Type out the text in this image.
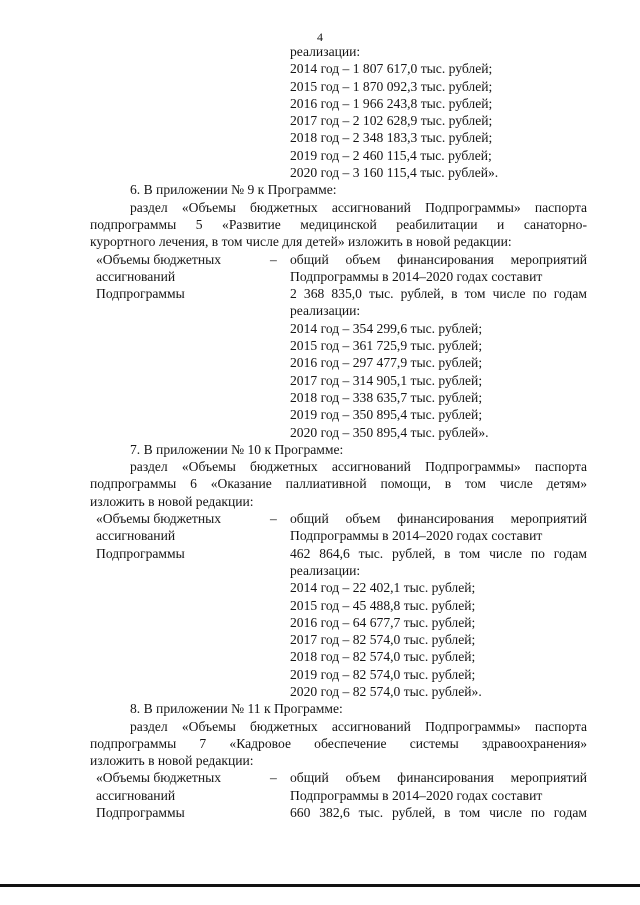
4
реализации:
2014 год – 1 807 617,0 тыс. рублей;
2015 год – 1 870 092,3 тыс. рублей;
2016 год – 1 966 243,8 тыс. рублей;
2017 год – 2 102 628,9 тыс. рублей;
2018 год – 2 348 183,3 тыс. рублей;
2019 год – 2 460 115,4 тыс. рублей;
2020 год – 3 160 115,4 тыс. рублей».
6. В приложении № 9 к Программе:
раздел «Объемы бюджетных ассигнований Подпрограммы» паспорта
подпрограммы 5 «Развитие медицинской реабилитации и санаторно-
курортного лечения, в том числе для детей» изложить в новой редакции:
«Объемы бюджетных	– общий объем финансирования мероприятий
ассигнований	Подпрограммы в 2014–2020 годах составит
Подпрограммы	2 368 835,0 тыс. рублей, в том числе по годам
реализации:
2014 год – 354 299,6 тыс. рублей;
2015 год – 361 725,9 тыс. рублей;
2016 год – 297 477,9 тыс. рублей;
2017 год – 314 905,1 тыс. рублей;
2018 год – 338 635,7 тыс. рублей;
2019 год – 350 895,4 тыс. рублей;
2020 год – 350 895,4 тыс. рублей».
7. В приложении № 10 к Программе:
раздел «Объемы бюджетных ассигнований Подпрограммы» паспорта
подпрограммы 6 «Оказание паллиативной помощи, в том числе детям»
изложить в новой редакции:
«Объемы бюджетных	– общий объем финансирования мероприятий
ассигнований	Подпрограммы в 2014–2020 годах составит
Подпрограммы	462 864,6 тыс. рублей, в том числе по годам
реализации:
2014 год – 22 402,1 тыс. рублей;
2015 год – 45 488,8 тыс. рублей;
2016 год – 64 677,7 тыс. рублей;
2017 год – 82 574,0 тыс. рублей;
2018 год – 82 574,0 тыс. рублей;
2019 год – 82 574,0 тыс. рублей;
2020 год – 82 574,0 тыс. рублей».
8. В приложении № 11 к Программе:
раздел «Объемы бюджетных ассигнований Подпрограммы» паспорта
подпрограммы 7 «Кадровое обеспечение системы здравоохранения»
изложить в новой редакции:
«Объемы бюджетных	– общий объем финансирования мероприятий
ассигнований	Подпрограммы в 2014–2020 годах составит
Подпрограммы	660 382,6 тыс. рублей, в том числе по годам
